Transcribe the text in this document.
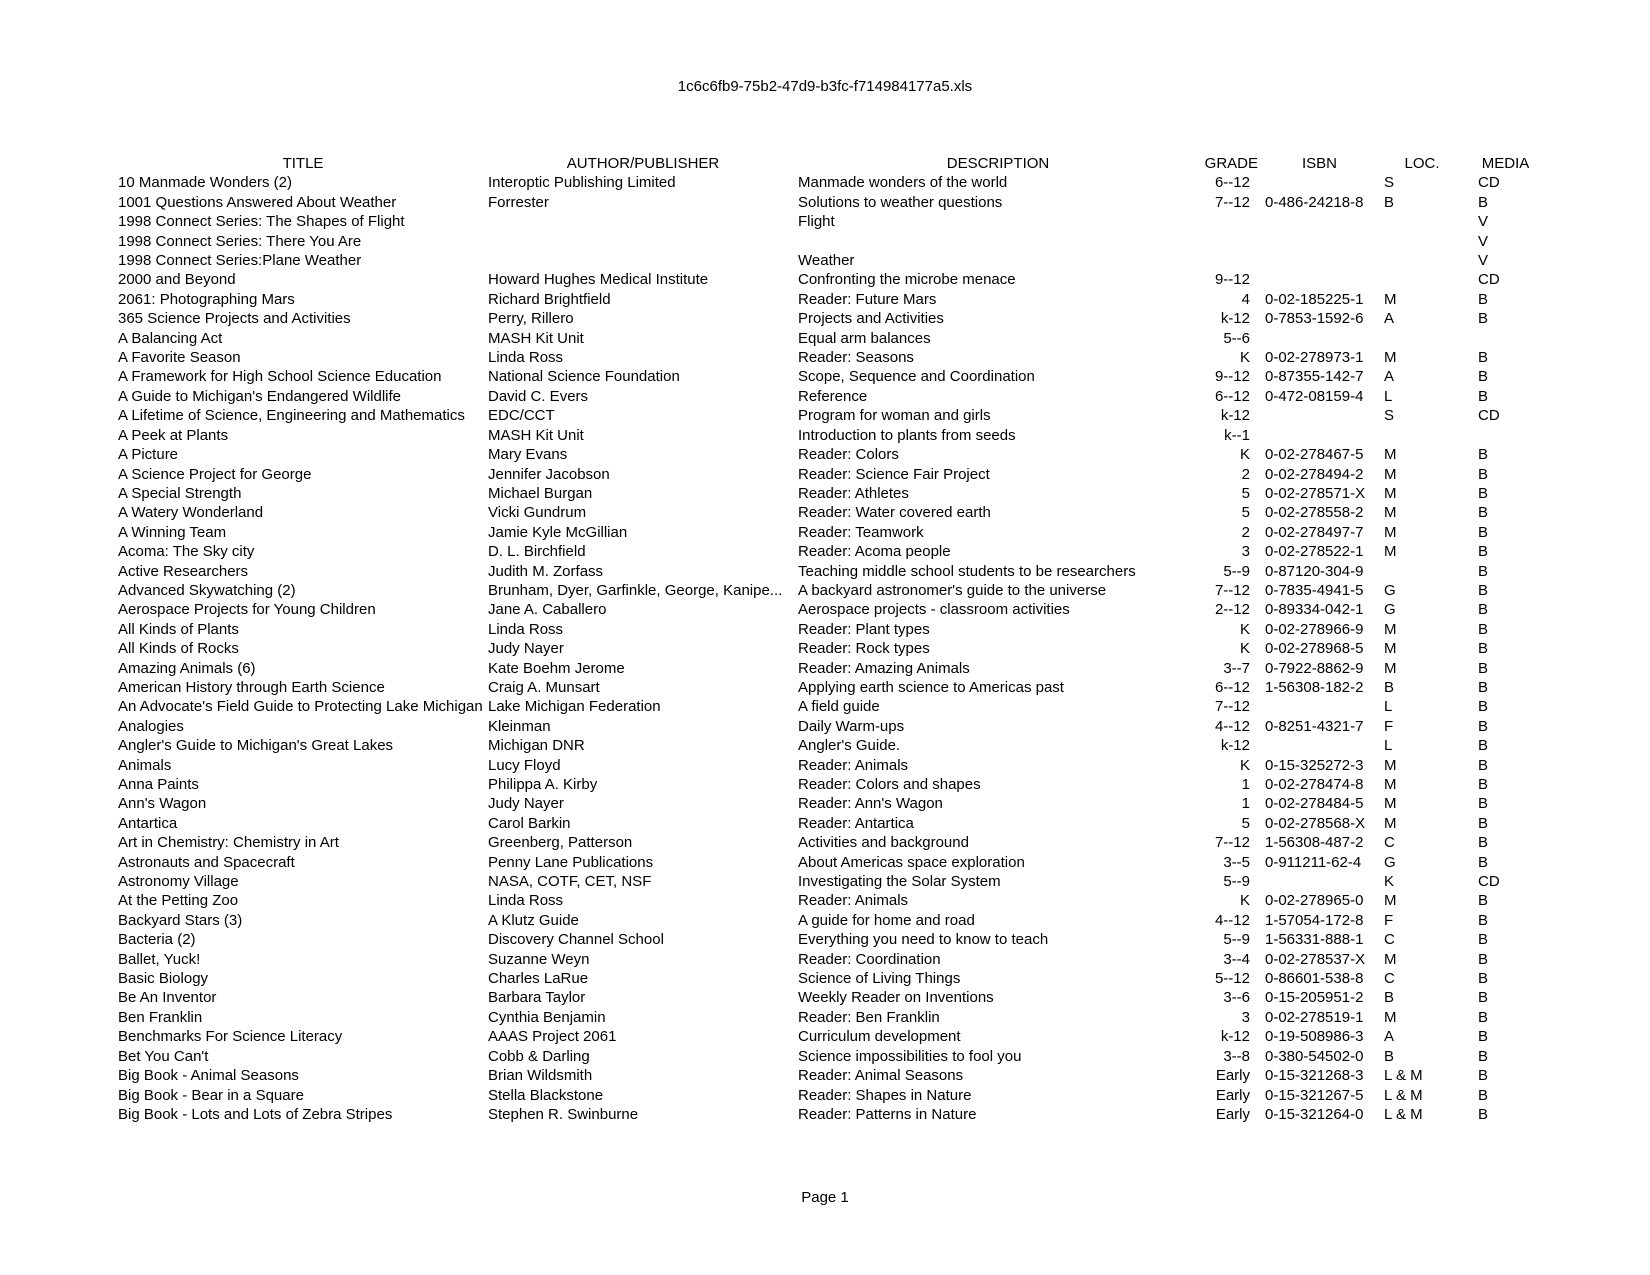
1c6c6fb9-75b2-47d9-b3fc-f714984177a5.xls
TITLE	AUTHOR/PUBLISHER	DESCRIPTION	GRADE	ISBN	LOC.	MEDIA
10 Manmade Wonders (2)	Interoptic Publishing Limited	Manmade wonders of the world	6--12		S	CD
1001 Questions Answered About Weather	Forrester	Solutions to weather questions	7--12	0-486-24218-8	B	B
1998 Connect Series: The Shapes of Flight		Flight				V
1998 Connect Series: There You Are						V
1998 Connect Series:Plane Weather		Weather				V
2000 and Beyond	Howard Hughes Medical Institute	Confronting the microbe menace	9--12			CD
2061: Photographing Mars	Richard Brightfield	Reader: Future Mars	4	0-02-185225-1	M	B
365 Science Projects and Activities	Perry, Rillero	Projects and Activities	k-12	0-7853-1592-6	A	B
A Balancing Act	MASH Kit Unit	Equal arm balances	5--6			
A Favorite Season	Linda Ross	Reader: Seasons	K	0-02-278973-1	M	B
A Framework for High School Science Education	National Science Foundation	Scope, Sequence and Coordination	9--12	0-87355-142-7	A	B
A Guide to Michigan's Endangered Wildlife	David C. Evers	Reference	6--12	0-472-08159-4	L	B
A Lifetime of Science, Engineering and Mathematics	EDC/CCT	Program for woman and girls	k-12		S	CD
A Peek at Plants	MASH Kit Unit	Introduction to plants from seeds	k--1			
A Picture	Mary Evans	Reader: Colors	K	0-02-278467-5	M	B
A Science Project for George	Jennifer Jacobson	Reader: Science Fair Project	2	0-02-278494-2	M	B
A Special Strength	Michael Burgan	Reader: Athletes	5	0-02-278571-X	M	B
A Watery Wonderland	Vicki Gundrum	Reader: Water covered earth	5	0-02-278558-2	M	B
A Winning Team	Jamie Kyle McGillian	Reader: Teamwork	2	0-02-278497-7	M	B
Acoma: The Sky city	D. L. Birchfield	Reader: Acoma people	3	0-02-278522-1	M	B
Active Researchers	Judith M. Zorfass	Teaching middle school students to be researchers	5--9	0-87120-304-9		B
Advanced Skywatching (2)	Brunham, Dyer, Garfinkle, George, Kanipe...	A backyard astronomer's guide to the universe	7--12	0-7835-4941-5	G	B
Aerospace Projects for Young Children	Jane A. Caballero	Aerospace projects - classroom activities	2--12	0-89334-042-1	G	B
All Kinds of Plants	Linda Ross	Reader: Plant types	K	0-02-278966-9	M	B
All Kinds of Rocks	Judy Nayer	Reader: Rock types	K	0-02-278968-5	M	B
Amazing Animals (6)	Kate Boehm Jerome	Reader: Amazing Animals	3--7	0-7922-8862-9	M	B
American History through Earth Science	Craig A. Munsart	Applying earth science to Americas past	6--12	1-56308-182-2	B	B
An Advocate's Field Guide to Protecting Lake Michigan	Lake Michigan Federation	A field guide	7--12		L	B
Analogies	Kleinman	Daily Warm-ups	4--12	0-8251-4321-7	F	B
Angler's Guide to Michigan's Great Lakes	Michigan DNR	Angler's Guide.	k-12		L	B
Animals	Lucy Floyd	Reader: Animals	K	0-15-325272-3	M	B
Anna Paints	Philippa A. Kirby	Reader: Colors and shapes	1	0-02-278474-8	M	B
Ann's Wagon	Judy Nayer	Reader: Ann's Wagon	1	0-02-278484-5	M	B
Antartica	Carol Barkin	Reader: Antartica	5	0-02-278568-X	M	B
Art in Chemistry: Chemistry in Art	Greenberg, Patterson	Activities and background	7--12	1-56308-487-2	C	B
Astronauts and Spacecraft	Penny Lane Publications	About Americas space exploration	3--5	0-911211-62-4	G	B
Astronomy Village	NASA, COTF, CET, NSF	Investigating the Solar System	5--9		K	CD
At the Petting Zoo	Linda Ross	Reader: Animals	K	0-02-278965-0	M	B
Backyard Stars (3)	A Klutz Guide	A guide for home and road	4--12	1-57054-172-8	F	B
Bacteria (2)	Discovery Channel School	Everything you need to know to teach	5--9	1-56331-888-1	C	B
Ballet, Yuck!	Suzanne Weyn	Reader: Coordination	3--4	0-02-278537-X	M	B
Basic Biology	Charles LaRue	Science of Living Things	5--12	0-86601-538-8	C	B
Be An Inventor	Barbara Taylor	Weekly Reader on Inventions	3--6	0-15-205951-2	B	B
Ben Franklin	Cynthia Benjamin	Reader: Ben Franklin	3	0-02-278519-1	M	B
Benchmarks For Science Literacy	AAAS Project 2061	Curriculum development	k-12	0-19-508986-3	A	B
Bet You Can't	Cobb & Darling	Science impossibilities to fool you	3--8	0-380-54502-0	B	B
Big Book - Animal Seasons	Brian Wildsmith	Reader: Animal Seasons	Early	0-15-321268-3	L & M	B
Big Book - Bear in a Square	Stella Blackstone	Reader: Shapes in Nature	Early	0-15-321267-5	L & M	B
Big Book - Lots and Lots of Zebra Stripes	Stephen R. Swinburne	Reader: Patterns in Nature	Early	0-15-321264-0	L & M	B
Page 1
